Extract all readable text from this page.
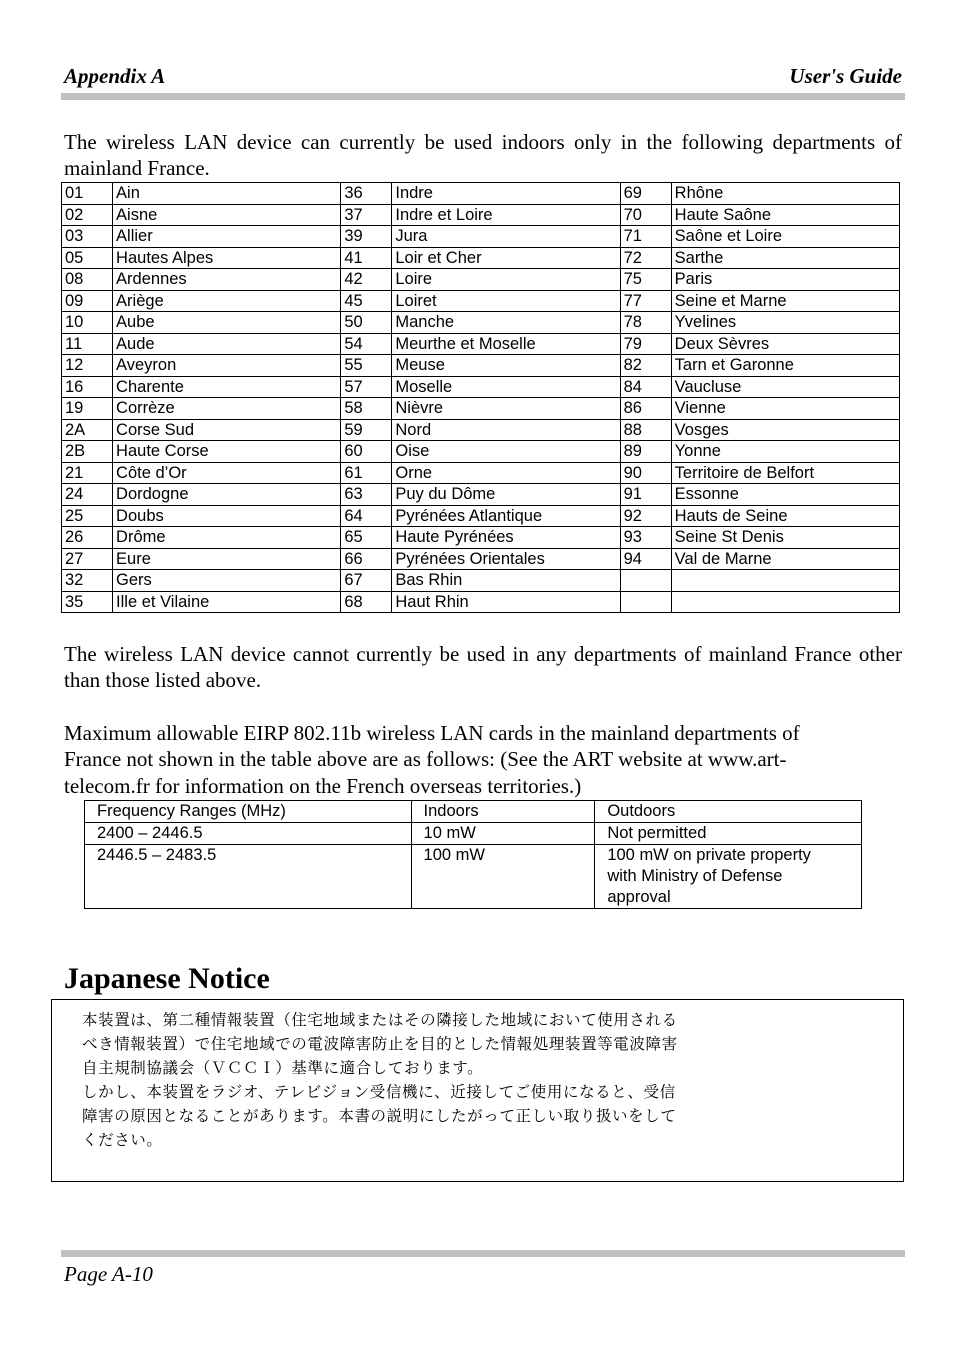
Appendix A	User's Guide

The wireless LAN device can currently be used indoors only in the following departments of mainland France.

01	Ain	36	Indre	69	Rhône
02	Aisne	37	Indre et Loire	70	Haute Saône
03	Allier	39	Jura	71	Saône et Loire
05	Hautes Alpes	41	Loir et Cher	72	Sarthe
08	Ardennes	42	Loire	75	Paris
09	Ariège	45	Loiret	77	Seine et Marne
10	Aube	50	Manche	78	Yvelines
11	Aude	54	Meurthe et Moselle	79	Deux Sèvres
12	Aveyron	55	Meuse	82	Tarn et Garonne
16	Charente	57	Moselle	84	Vaucluse
19	Corrèze	58	Nièvre	86	Vienne
2A	Corse Sud	59	Nord	88	Vosges
2B	Haute Corse	60	Oise	89	Yonne
21	Côte d’Or	61	Orne	90	Territoire de Belfort
24	Dordogne	63	Puy du Dôme	91	Essonne
25	Doubs	64	Pyrénées Atlantique	92	Hauts de Seine
26	Drôme	65	Haute Pyrénées	93	Seine St Denis
27	Eure	66	Pyrénées Orientales	94	Val de Marne
32	Gers	67	Bas Rhin		
35	Ille et Vilaine	68	Haut Rhin		

The wireless LAN device cannot currently be used in any departments of mainland France other than those listed above.

Maximum allowable EIRP 802.11b wireless LAN cards in the mainland departments of

France not shown in the table above are as follows: (See the ART website at www.art-

telecom.fr for information on the French overseas territories.)

Frequency Ranges (MHz)	Indoors	Outdoors
2400 – 2446.5	10 mW	Not permitted
2446.5 – 2483.5	100 mW	100 mW on private property
with Ministry of Defense
approval
Japanese Notice

本装置は、第二種情報装置（住宅地域またはその隣接した地域において使用される

べき情報装置）で住宅地域での電波障害防止を目的とした情報処理装置等電波障害

自主規制協議会（ＶＣＣＩ）基準に適合しております。

しかし、本装置をラジオ、テレビジョン受信機に、近接してご使用になると、受信

障害の原因となることがあります。本書の説明にしたがって正しい取り扱いをして

ください。

Page A-10
